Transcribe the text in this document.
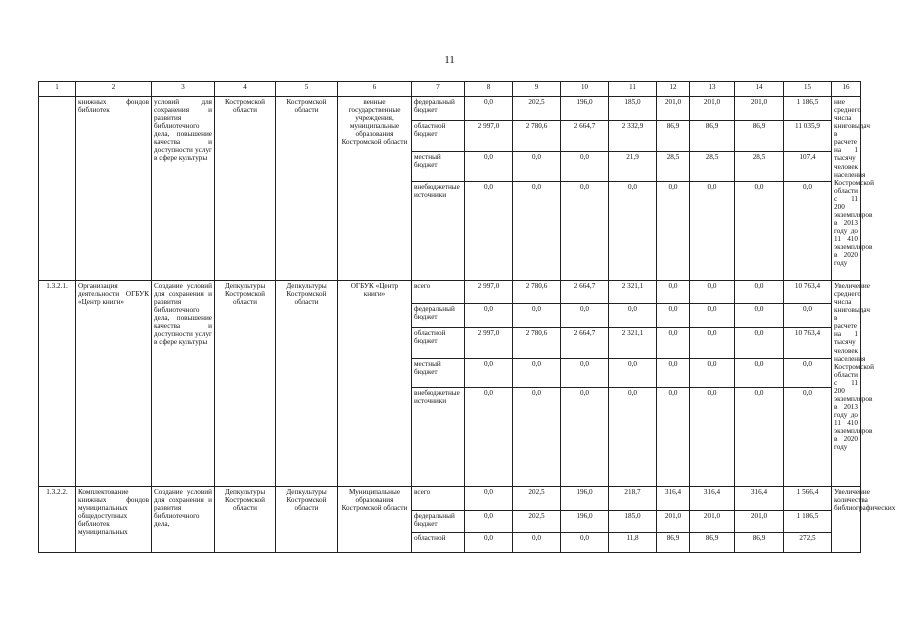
11
1	2	3	4	5	6	7	8	9	10	11	12	13	14	15	16
	книжных фондов библиотек	условий для сохранения и развития библиотечного дела, повышение качества и доступности услуг в сфере культуры	Костромской области	Костромской области	венные государственные учреждения, муниципальные образования Костромской области	федеральный бюджет	0,0	202,5	196,0	185,0	201,0	201,0	201,0	1 186,5	ние среднего числа книговыдач в расчете на 1 тысячу человек населения Костромской области с 11 200 экземпляров в 2013 году до 11 410 экземпляров в 2020 году
						областной бюджет	2 997,0	2 780,6	2 664,7	2 332,9	86,9	86,9	86,9	11 035,9	
						местный бюджет	0,0	0,0	0,0	21,9	28,5	28,5	28,5	107,4	
						внебюджетные источники	0,0	0,0	0,0	0,0	0,0	0,0	0,0	0,0	
1.3.2.1.	Организация деятельности ОГБУК «Центр книги»	Создание условий для сохранения и развития библиотечного дела, повышение качества и доступности услуг в сфере культуры	Депкультуры Костромской области	Депкультуры Костромской области	ОГБУК «Центр книги»	всего	2 997,0	2 780,6	2 664,7	2 321,1	0,0	0,0	0,0	10 763,4	Увеличение среднего числа книговыдач в расчете на 1 тысячу человек населения Костромской области с 11 200 экземпляров в 2013 году до 11 410 экземпляров в 2020 году
						федеральный бюджет	0,0	0,0	0,0	0,0	0,0	0,0	0,0	0,0	
						областной бюджет	2 997,0	2 780,6	2 664,7	2 321,1	0,0	0,0	0,0	10 763,4	
						местный бюджет	0,0	0,0	0,0	0,0	0,0	0,0	0,0	0,0	
						внебюджетные источники	0,0	0,0	0,0	0,0	0,0	0,0	0,0	0,0	
1.3.2.2.	Комплектование книжных фондов муниципальных общедоступных библиотек муниципальных	Создание условий для сохранения и развития библиотечного дела,	Депкультуры Костромской области	Депкультуры Костромской области	Муниципальные образования Костромской области	всего	0,0	202,5	196,0	218,7	316,4	316,4	316,4	1 566,4	Увеличение количества библиографических
						федеральный бюджет	0,0	202,5	196,0	185,0	201,0	201,0	201,0	1 186,5	
						областной	0,0	0,0	0,0	11,8	86,9	86,9	86,9	272,5	
